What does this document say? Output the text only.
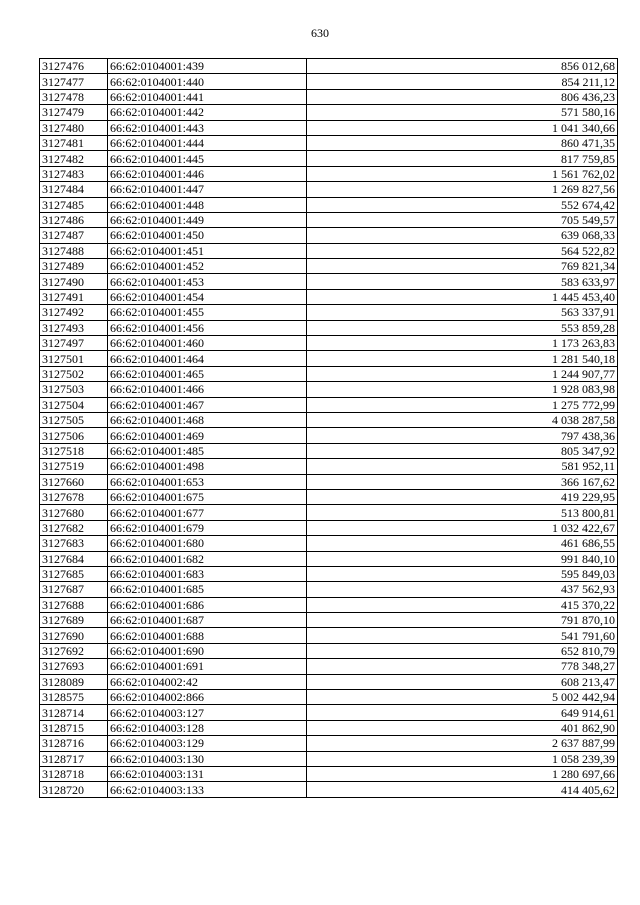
630
3127476	66:62:0104001:439	856 012,68
3127477	66:62:0104001:440	854 211,12
3127478	66:62:0104001:441	806 436,23
3127479	66:62:0104001:442	571 580,16
3127480	66:62:0104001:443	1 041 340,66
3127481	66:62:0104001:444	860 471,35
3127482	66:62:0104001:445	817 759,85
3127483	66:62:0104001:446	1 561 762,02
3127484	66:62:0104001:447	1 269 827,56
3127485	66:62:0104001:448	552 674,42
3127486	66:62:0104001:449	705 549,57
3127487	66:62:0104001:450	639 068,33
3127488	66:62:0104001:451	564 522,82
3127489	66:62:0104001:452	769 821,34
3127490	66:62:0104001:453	583 633,97
3127491	66:62:0104001:454	1 445 453,40
3127492	66:62:0104001:455	563 337,91
3127493	66:62:0104001:456	553 859,28
3127497	66:62:0104001:460	1 173 263,83
3127501	66:62:0104001:464	1 281 540,18
3127502	66:62:0104001:465	1 244 907,77
3127503	66:62:0104001:466	1 928 083,98
3127504	66:62:0104001:467	1 275 772,99
3127505	66:62:0104001:468	4 038 287,58
3127506	66:62:0104001:469	797 438,36
3127518	66:62:0104001:485	805 347,92
3127519	66:62:0104001:498	581 952,11
3127660	66:62:0104001:653	366 167,62
3127678	66:62:0104001:675	419 229,95
3127680	66:62:0104001:677	513 800,81
3127682	66:62:0104001:679	1 032 422,67
3127683	66:62:0104001:680	461 686,55
3127684	66:62:0104001:682	991 840,10
3127685	66:62:0104001:683	595 849,03
3127687	66:62:0104001:685	437 562,93
3127688	66:62:0104001:686	415 370,22
3127689	66:62:0104001:687	791 870,10
3127690	66:62:0104001:688	541 791,60
3127692	66:62:0104001:690	652 810,79
3127693	66:62:0104001:691	778 348,27
3128089	66:62:0104002:42	608 213,47
3128575	66:62:0104002:866	5 002 442,94
3128714	66:62:0104003:127	649 914,61
3128715	66:62:0104003:128	401 862,90
3128716	66:62:0104003:129	2 637 887,99
3128717	66:62:0104003:130	1 058 239,39
3128718	66:62:0104003:131	1 280 697,66
3128720	66:62:0104003:133	414 405,62
